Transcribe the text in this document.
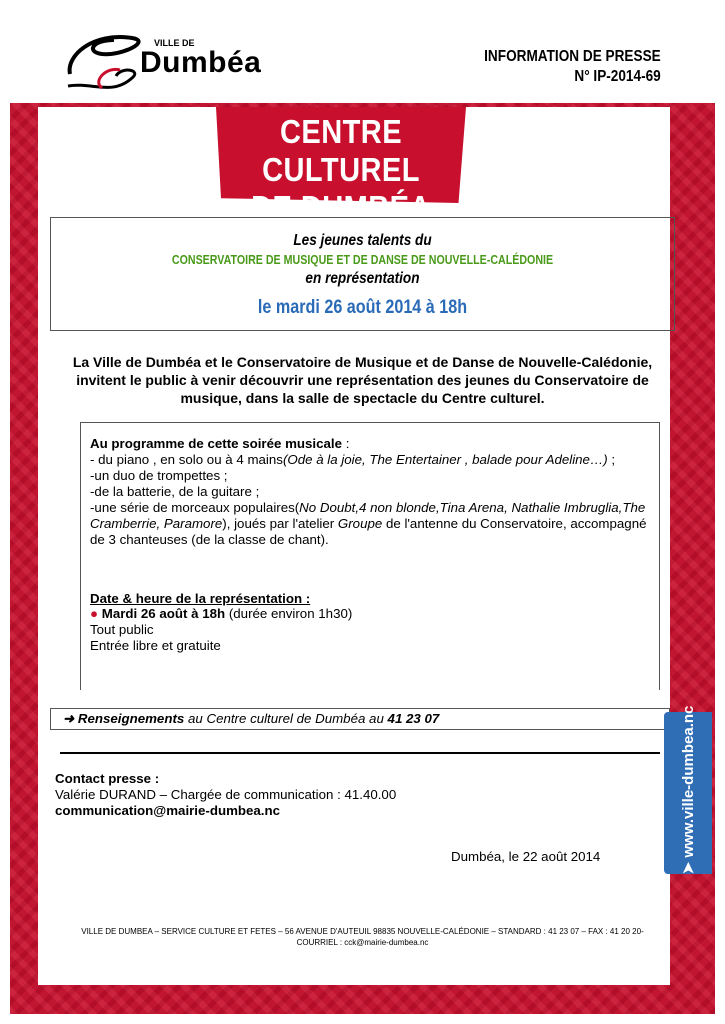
VILLE DE
Dumbéa	INFORMATION DE PRESSE
N° IP-2014-69
CENTRE CULTUREL
DE DUMBÉA
Les jeunes talents du
CONSERVATOIRE DE MUSIQUE ET DE DANSE DE NOUVELLE-CALÉDONIE
en représentation
le mardi 26 août 2014 à 18h
La Ville de Dumbéa et le Conservatoire de Musique et de Danse de Nouvelle-Calédonie, invitent le public à venir découvrir une représentation des jeunes du Conservatoire de musique, dans la salle de spectacle du Centre culturel.

Au programme de cette soirée musicale :

- du piano , en solo ou à 4 mains(Ode à la joie, The Entertainer , balade pour Adeline…) ;

-un duo de trompettes ;

-de la batterie, de la guitare ;

-une série de morceaux populaires(No Doubt,4 non blonde,Tina Arena, Nathalie Imbruglia,The Cramberrie, Paramore), joués par l'atelier Groupe de l'antenne du Conservatoire, accompagné de 3 chanteuses (de la classe de chant).

Date & heure de la représentation :
● Mardi 26 août à 18h (durée environ 1h30)
Tout public
Entrée libre et gratuite
➜ Renseignements au Centre culturel de Dumbéa au 41 23 07
Contact presse :
Valérie DURAND – Chargée de communication : 41.40.00
communication@mairie-dumbea.nc
Dumbéa, le 22 août 2014
VILLE DE DUMBEA – SERVICE CULTURE ET FETES – 56 AVENUE D'AUTEUIL 98835 NOUVELLE-CALÉDONIE – STANDARD : 41 23 07 – FAX : 41 20 20-
COURRIEL : cck@mairie-dumbea.nc
➤ www.ville-dumbea.nc
